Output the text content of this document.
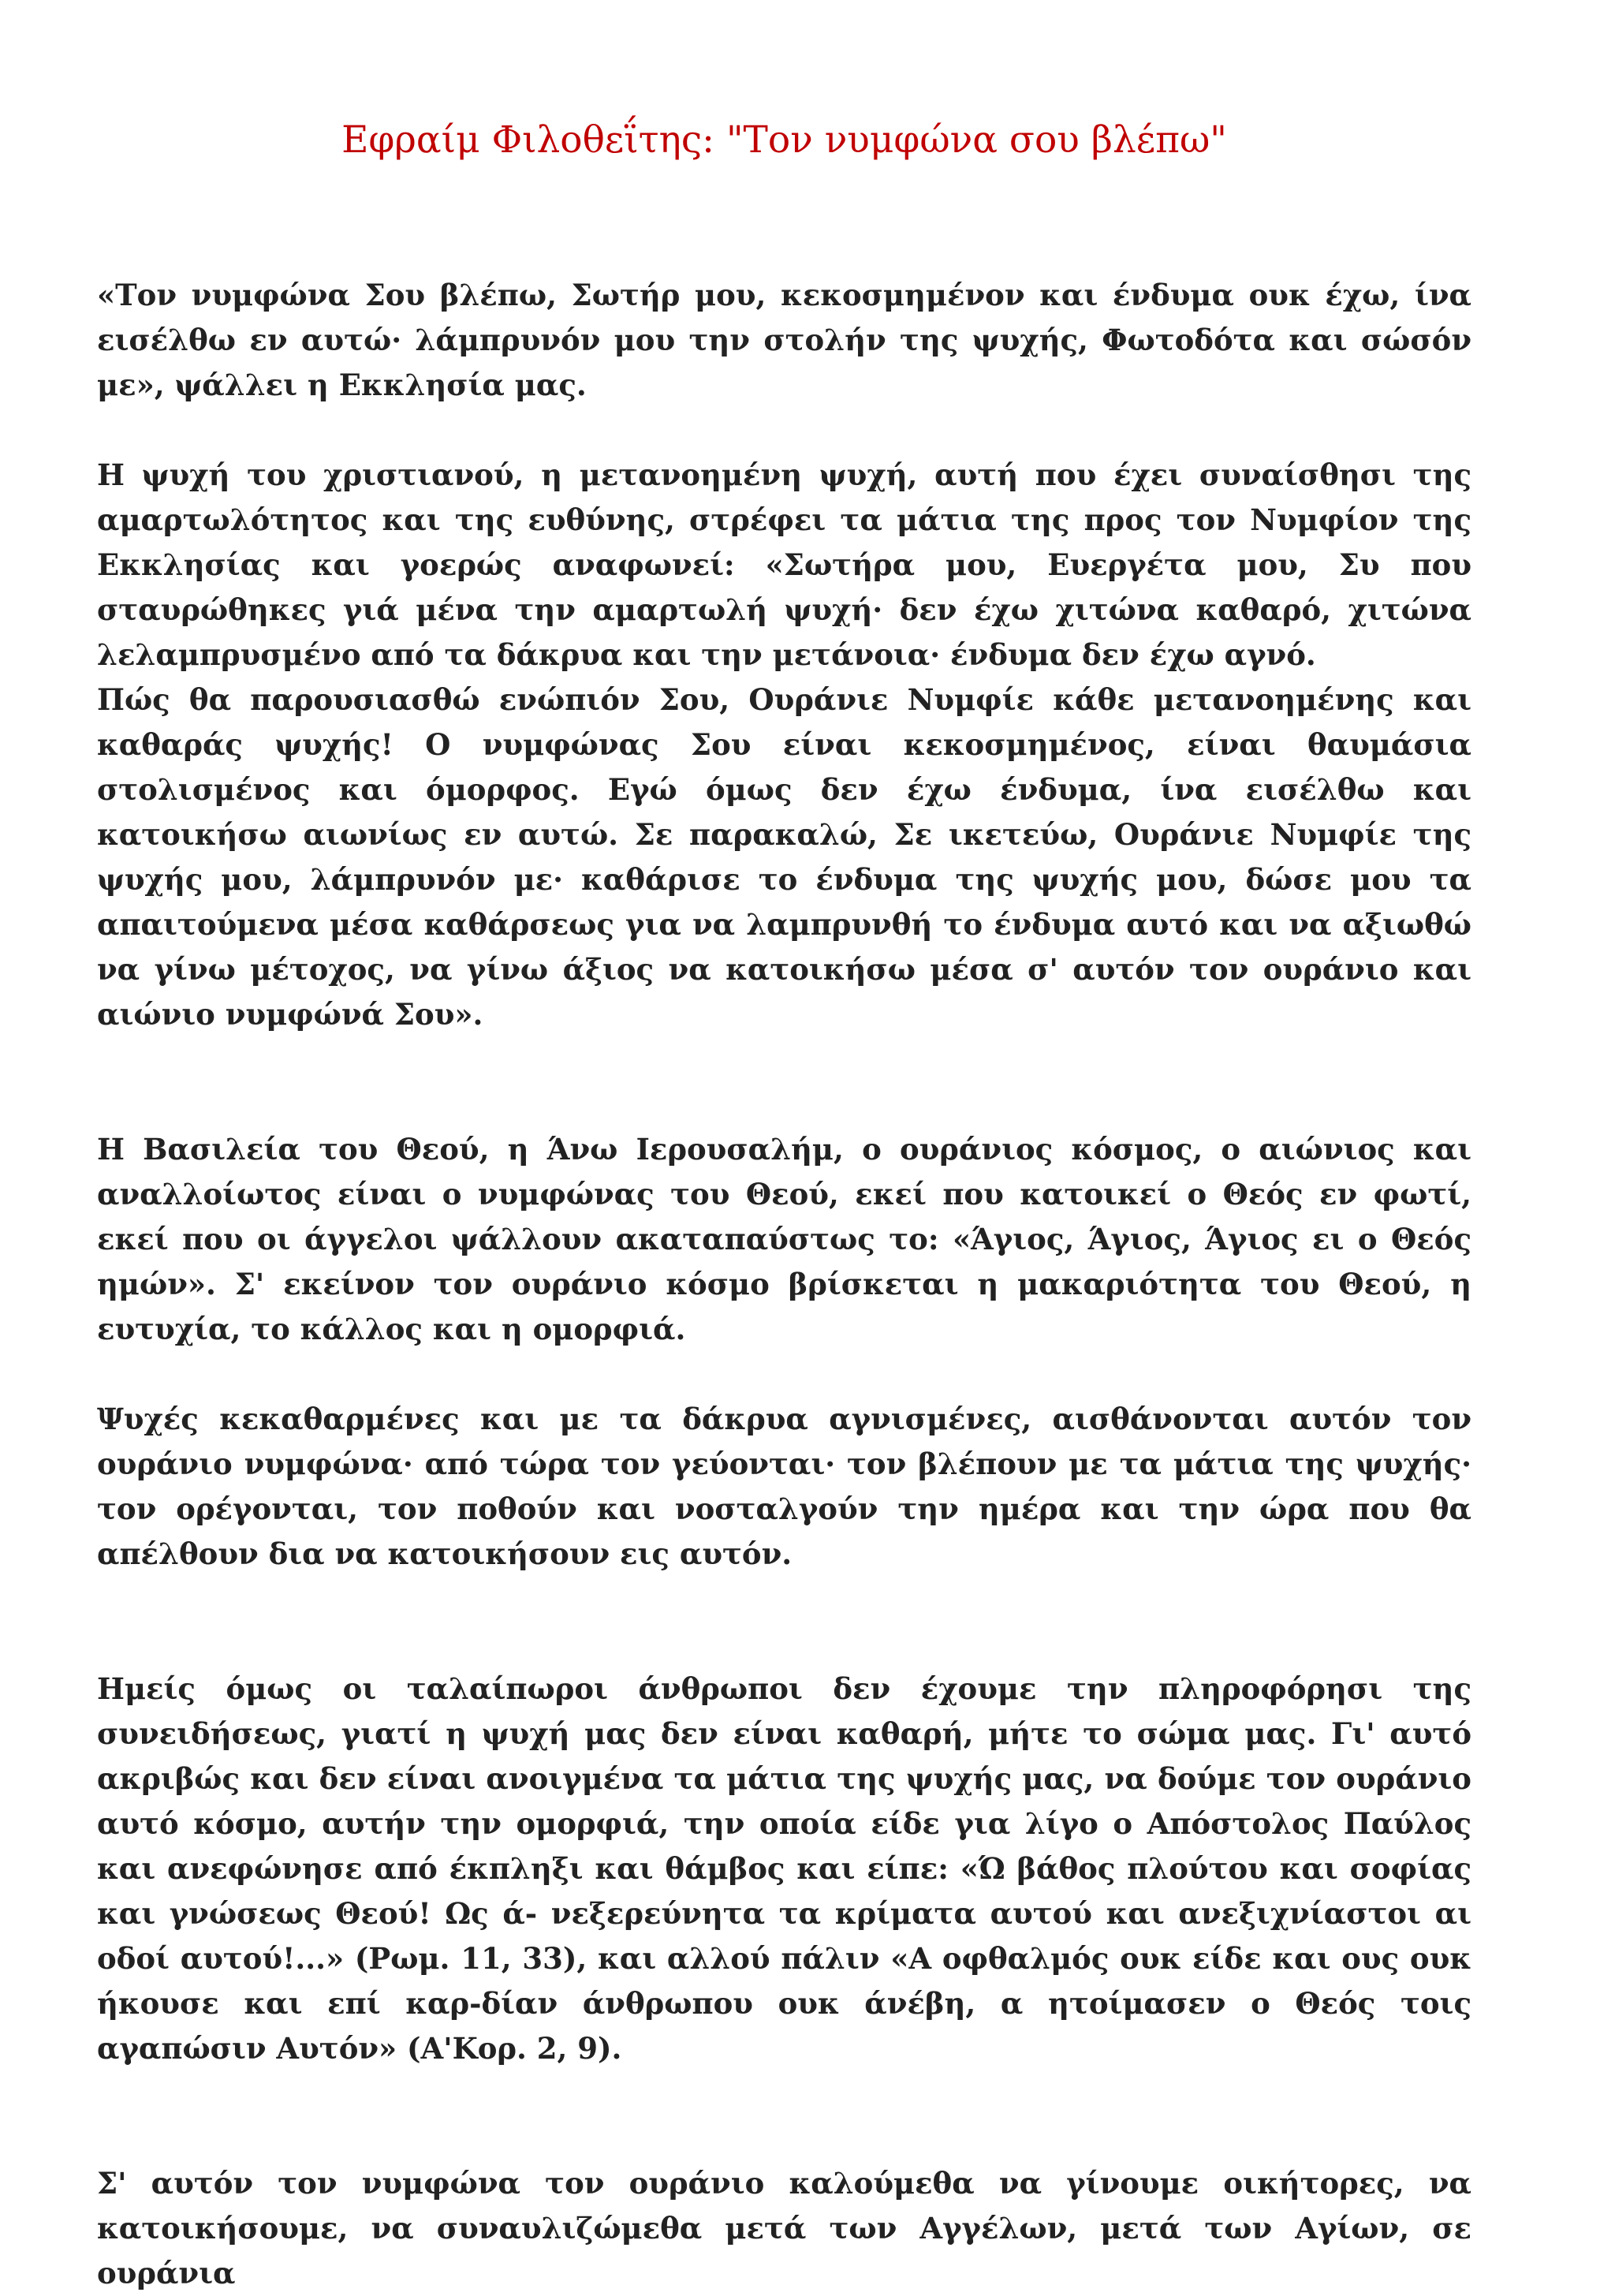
Εφραίμ Φιλοθεΐτης: "Τον νυμφώνα σου βλέπω"

«Τον νυμφώνα Σου βλέπω, Σωτήρ μου, κεκοσμημένον και ένδυμα ουκ έχω, ίνα εισέλθω εν αυτώ· λάμπρυνόν μου την στολήν της ψυχής, Φωτοδότα και σώσόν με», ψάλλει η Εκκλησία μας.

Η ψυχή του χριστιανού, η μετανοημένη ψυχή, αυτή που έχει συναίσθησι της αμαρτωλότητος και της ευθύνης, στρέφει τα μάτια της προς τον Νυμφίον της Εκκλησίας και γοερώς αναφωνεί: «Σωτήρα μου, Ευεργέτα μου, Συ που σταυρώθηκες γιά μένα την αμαρτωλή ψυχή· δεν έχω χιτώνα καθαρό, χιτώνα λελαμπρυσμένο από τα δάκρυα και την μετάνοια· ένδυμα δεν έχω αγνό.

Πώς θα παρουσιασθώ ενώπιόν Σου, Ουράνιε Νυμφίε κάθε μετανοημένης και καθαράς ψυχής! Ο νυμφώνας Σου είναι κεκοσμημένος, είναι θαυμάσια στολισμένος και όμορφος. Εγώ όμως δεν έχω ένδυμα, ίνα εισέλθω και κατοικήσω αιωνίως εν αυτώ. Σε παρακαλώ, Σε ικετεύω, Ουράνιε Νυμφίε της ψυχής μου, λάμπρυνόν με· καθάρισε το ένδυμα της ψυχής μου, δώσε μου τα απαιτούμενα μέσα καθάρσεως για να λαμπρυνθή το ένδυμα αυτό και να αξιωθώ να γίνω μέτοχος, να γίνω άξιος να κατοικήσω μέσα σ' αυτόν τον ουράνιο και αιώνιο νυμφώνά Σου».

Η Βασιλεία του Θεού, η Άνω Ιερουσαλήμ, ο ουράνιος κόσμος, ο αιώνιος και αναλλοίωτος είναι ο νυμφώνας του Θεού, εκεί που κατοικεί ο Θεός εν φωτί, εκεί που οι άγγελοι ψάλλουν ακαταπαύστως το: «Άγιος, Άγιος, Άγιος ει ο Θεός ημών». Σ' εκείνον τον ουράνιο κόσμο βρίσκεται η μακαριότητα του Θεού, η ευτυχία, το κάλλος και η ομορφιά.

Ψυχές κεκαθαρμένες και με τα δάκρυα αγνισμένες, αισθάνονται αυτόν τον ουράνιο νυμφώνα· από τώρα τον γεύονται· τον βλέπουν με τα μάτια της ψυχής· τον ορέγονται, τον ποθούν και νοσταλγούν την ημέρα και την ώρα που θα απέλθουν δια να κατοικήσουν εις αυτόν.

Ημείς όμως οι ταλαίπωροι άνθρωποι δεν έχουμε την πληροφόρησι της συνειδήσεως, γιατί η ψυχή μας δεν είναι καθαρή, μήτε το σώμα μας. Γι' αυτό ακριβώς και δεν είναι ανοιγμένα τα μάτια της ψυχής μας, να δούμε τον ουράνιο αυτό κόσμο, αυτήν την ομορφιά, την οποία είδε για λίγο ο Απόστολος Παύλος και ανεφώνησε από έκπληξι και θάμβος και είπε: «Ώ βάθος πλούτου και σοφίας και γνώσεως Θεού! Ως ά- νεξερεύνητα τα κρίματα αυτού και ανεξιχνίαστοι αι οδοί αυτού!...» (Ρωμ. 11, 33), και αλλού πάλιν «Α οφθαλμός ουκ είδε και ους ουκ ήκουσε και επί καρ-δίαν άνθρωπου ουκ άνέβη, α ητοίμασεν ο Θεός τοις αγαπώσιν Αυτόν» (Α'Κορ. 2, 9).

Σ' αυτόν τον νυμφώνα τον ουράνιο καλούμεθα να γίνουμε οικήτορες, να κατοικήσουμε, να συναυλιζώμεθα μετά των Αγγέλων, μετά των Αγίων, σε ουράνια
